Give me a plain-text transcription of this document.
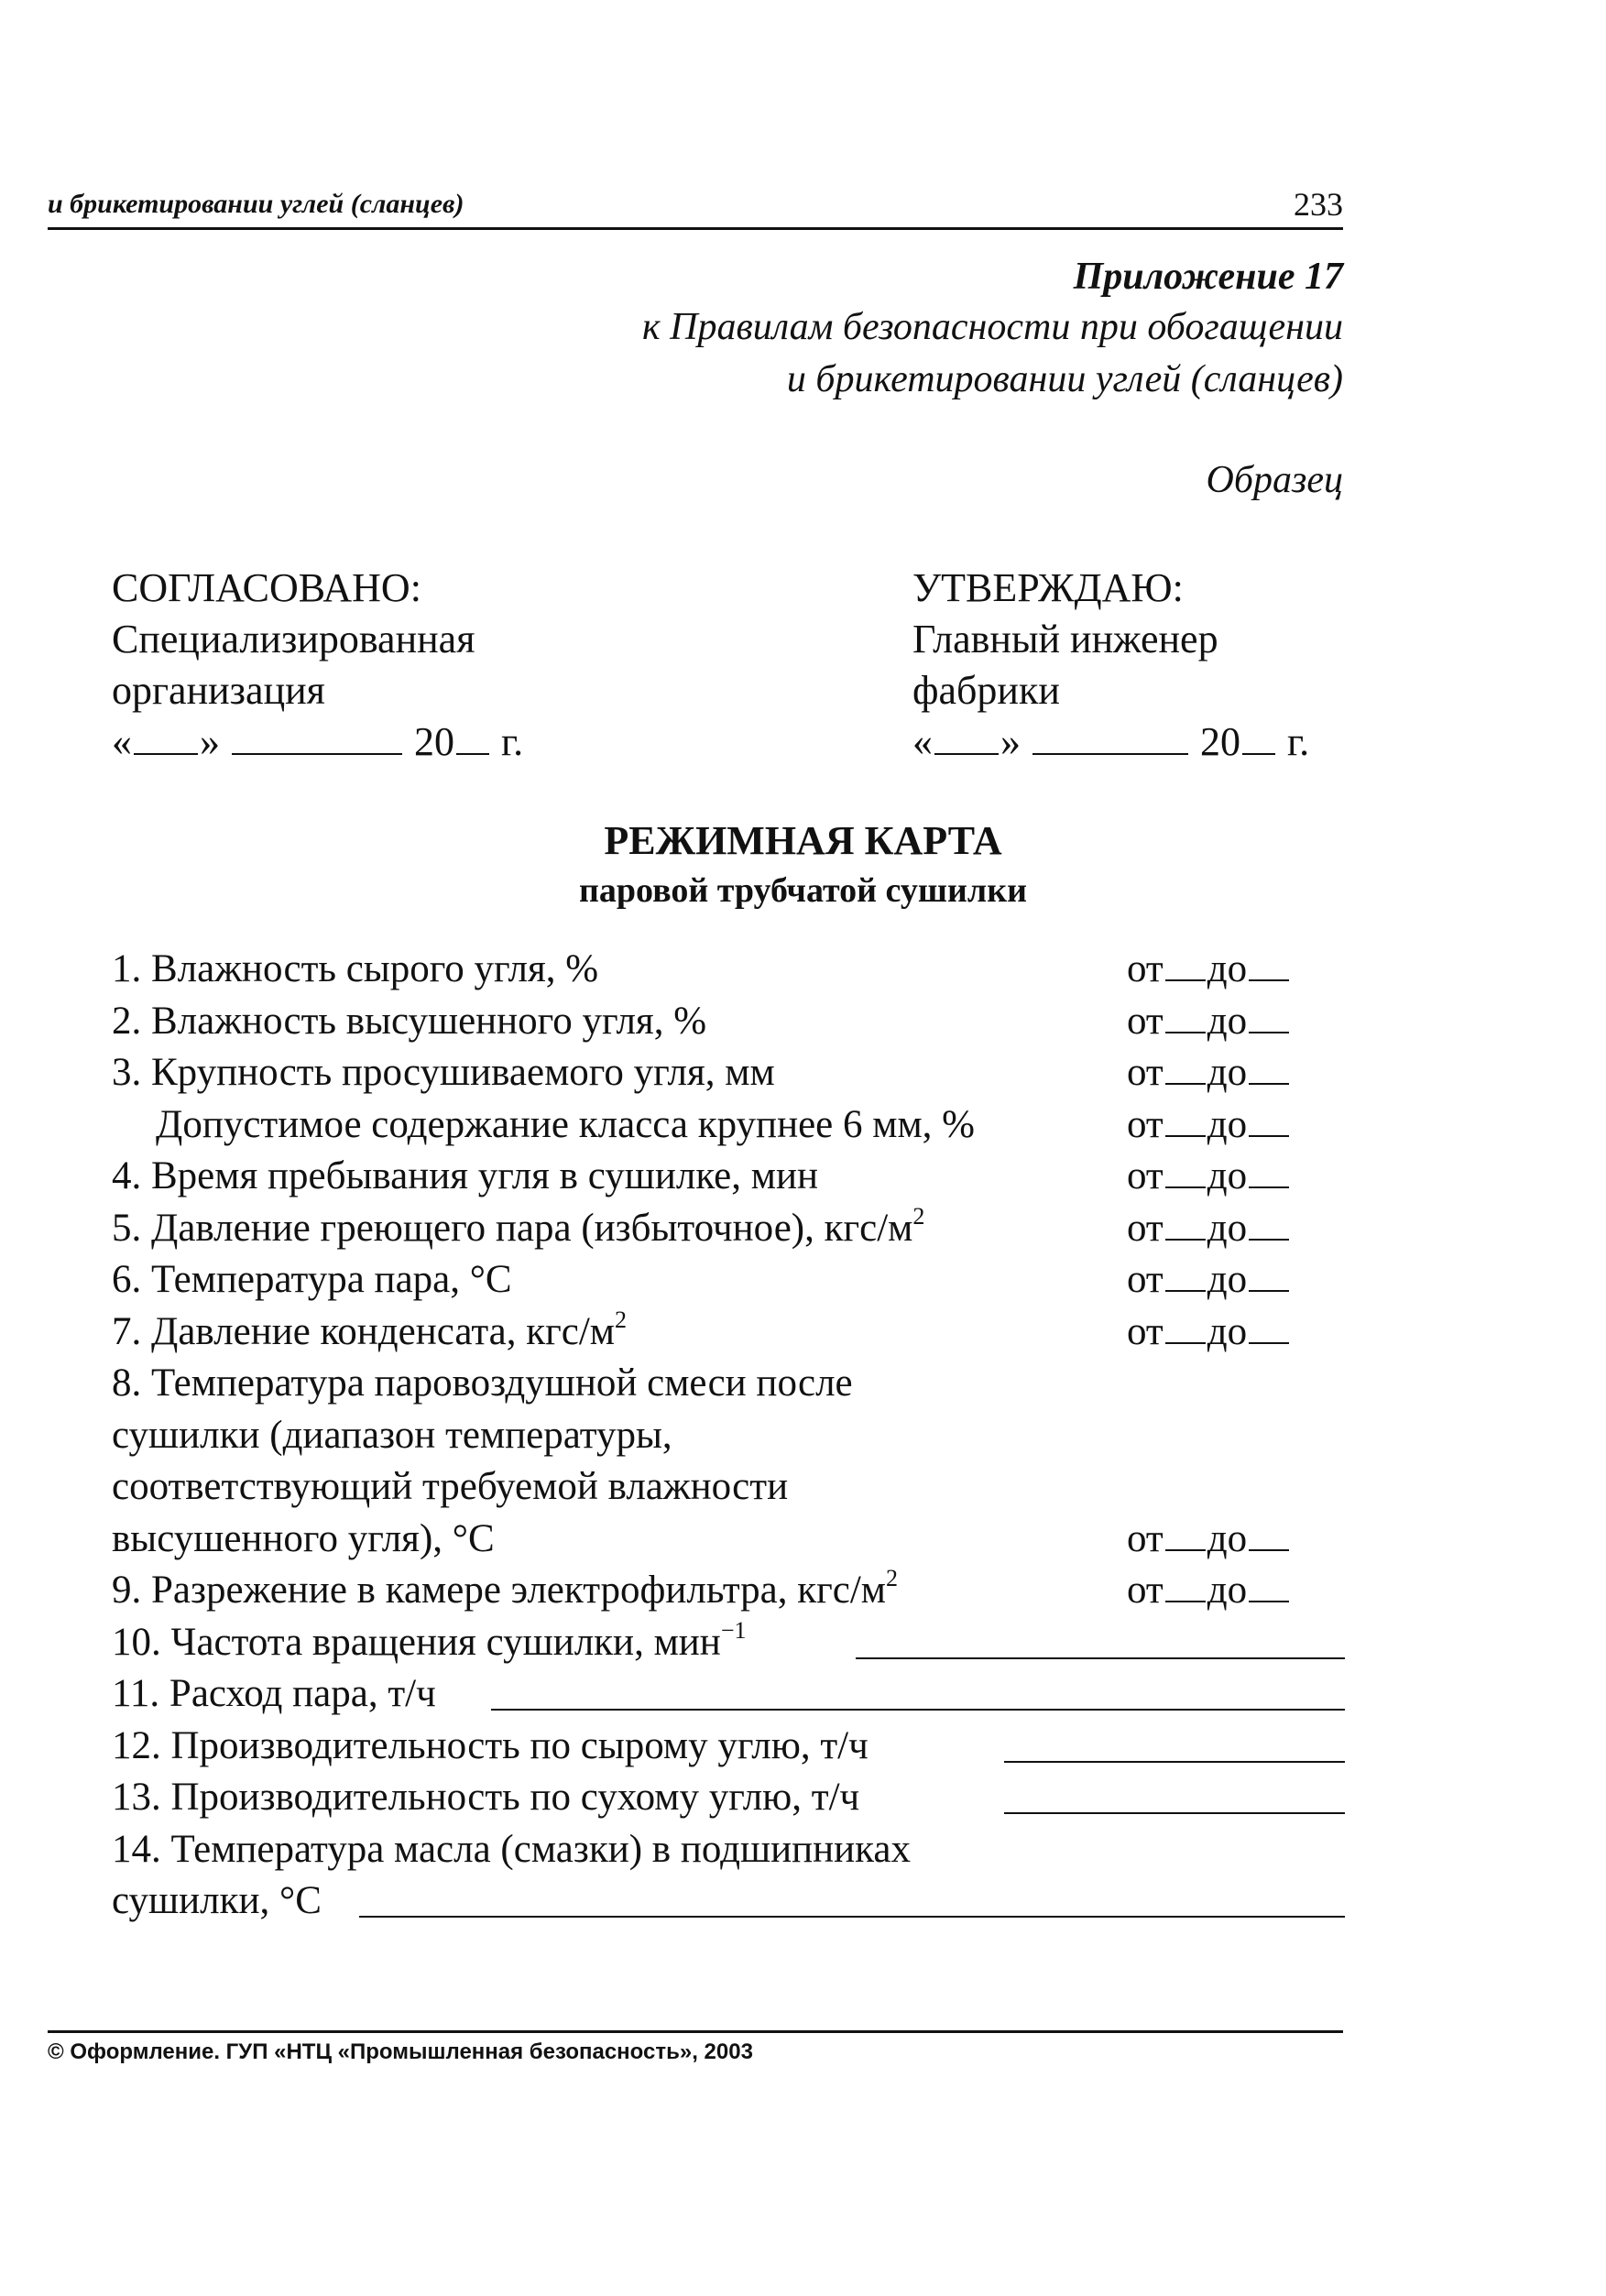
и брикетировании углей (сланцев)	233
Приложение 17
к Правилам безопасности при обогащении
и брикетировании углей (сланцев)
Образец
СОГЛАСОВАНО:
Специализированная
организация
« »	20 г.
УТВЕРЖДАЮ:
Главный инженер
фабрики
« »	20 г.
РЕЖИМНАЯ КАРТА
паровой трубчатой сушилки
1. Влажность сырого угля, %	от до
2. Влажность высушенного угля, %	от до
3. Крупность просушиваемого угля, мм	от до
Допустимое содержание класса крупнее 6 мм, %	от до
4. Время пребывания угля в сушилке, мин	от до
5. Давление греющего пара (избыточное), кгс/$м^2$	от до
6. Температура пара, °С	от до
7. Давление конденсата, кгс/$м^2$	от до
8. Температура паровоздушной смеси после
сушилки (диапазон температуры,
соответствующий требуемой влажности
высушенного угля), °С	от до
9. Разрежение в камере электрофильтра, кгс/$м^2$	от до
10. Частота вращения сушилки, мин$^{-1}$
11. Расход пара, т/ч
12. Производительность по сырому углю, т/ч
13. Производительность по сухому углю, т/ч
14. Температура масла (смазки) в подшипниках
сушилки, °С
© Оформление. ГУП «НТЦ «Промышленная безопасность», 2003
